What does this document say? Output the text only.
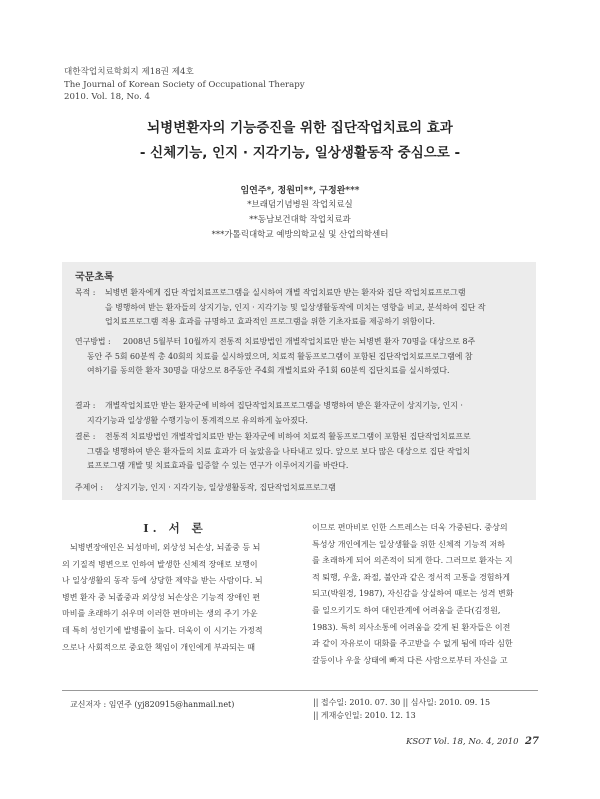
대한작업치료학회지 제18권 제4호
The Journal of Korean Society of Occupational Therapy
2010. Vol. 18, No. 4
뇌병변환자의 기능증진을 위한 집단작업치료의 효과
- 신체기능, 인지 · 지각기능, 일상생활동작 중심으로 -
임연주*, 정원미**, 구정완***
*브래덤기념병원 작업치료실
**동남보건대학 작업치료과
***가톨릭대학교 예방의학교실 및 산업의학센터
국문초록
목적 : 뇌병변 환자에게 집단 작업치료프로그램을 실시하여 개별 작업치료만 받는 환자와 집단 작업치료프로그램
을 병행하여 받는 환자들의 상지기능, 인지 · 지각기능 및 일상생활동작에 미치는 영향을 비교, 분석하여 집단 작
업치료프로그램 적용 효과를 규명하고 효과적인 프로그램을 위한 기초자료를 제공하기 위함이다.
연구방법 : 2008년 5월부터 10월까지 전통적 치료방법인 개별작업치료만 받는 뇌병변 환자 70명을 대상으로 8주
동안 주 5회 60분씩 총 40회의 치료를 실시하였으며, 치료적 활동프로그램이 포함된 집단작업치료프로그램에 참
여하기를 동의한 환자 30명을 대상으로 8주동안 주4회 개별치료와 주1회 60분씩 집단치료를 실시하였다.
결과 : 개별작업치료만 받는 환자군에 비하여 집단작업치료프로그램을 병행하여 받은 환자군이 상지기능, 인지 ·
지각기능과 일상생활 수행기능이 통계적으로 유의하게 높아졌다.
결론 : 전통적 치료방법인 개별작업치료만 받는 환자군에 비하여 치료적 활동프로그램이 포함된 집단작업치료프로
그램을 병행하여 받은 환자들의 치료 효과가 더 높았음을 나타내고 있다. 앞으로 보다 많은 대상으로 집단 작업치
료프로그램 개발 및 치료효과를 입증할 수 있는 연구가 이루어지기를 바란다.
주제어 : 상지기능, 인지 · 지각기능, 일상생활동작, 집단작업치료프로그램
Ⅰ. 서 론
뇌병변장애인은 뇌성마비, 외상성 뇌손상, 뇌졸중 등 뇌
의 기질적 병변으로 인하여 발생한 신체적 장애로 보행이
나 일상생활의 동작 등에 상당한 제약을 받는 사람이다. 뇌
병변 환자 중 뇌졸중과 외상성 뇌손상은 기능적 장애인 편
마비를 초래하기 쉬우며 이러한 편마비는 생의 주기 가운
데 특히 성인기에 발병률이 높다. 더욱이 이 시기는 가정적
으로나 사회적으로 중요한 책임이 개인에게 부과되는 때
이므로 편마비로 인한 스트레스는 더욱 가중된다. 중상의
특성상 개인에게는 일상생활을 위한 신체적 기능적 저하
를 초래하게 되어 의존적이 되게 한다. 그러므로 환자는 지
적 퇴행, 우울, 좌절, 불안과 같은 정서적 고통을 경험하게
되고(박원경, 1987), 자신감을 상실하여 때로는 성격 변화
를 일으키기도 하여 대인관계에 어려움을 준다(김정원,
1983). 특히 의사소통에 어려움을 갖게 된 환자들은 이전
과 같이 자유로이 대화를 주고받을 수 없게 됨에 따라 심한
갈등이나 우울 상태에 빠져 다른 사람으로부터 자신을 고
교신저자 : 임연주 (yj820915@hanmail.net)	|| 접수일: 2010. 07. 30 || 심사일: 2010. 09. 15
|| 게재승인일: 2010. 12. 13
KSOT Vol. 18, No. 4, 2010 27
